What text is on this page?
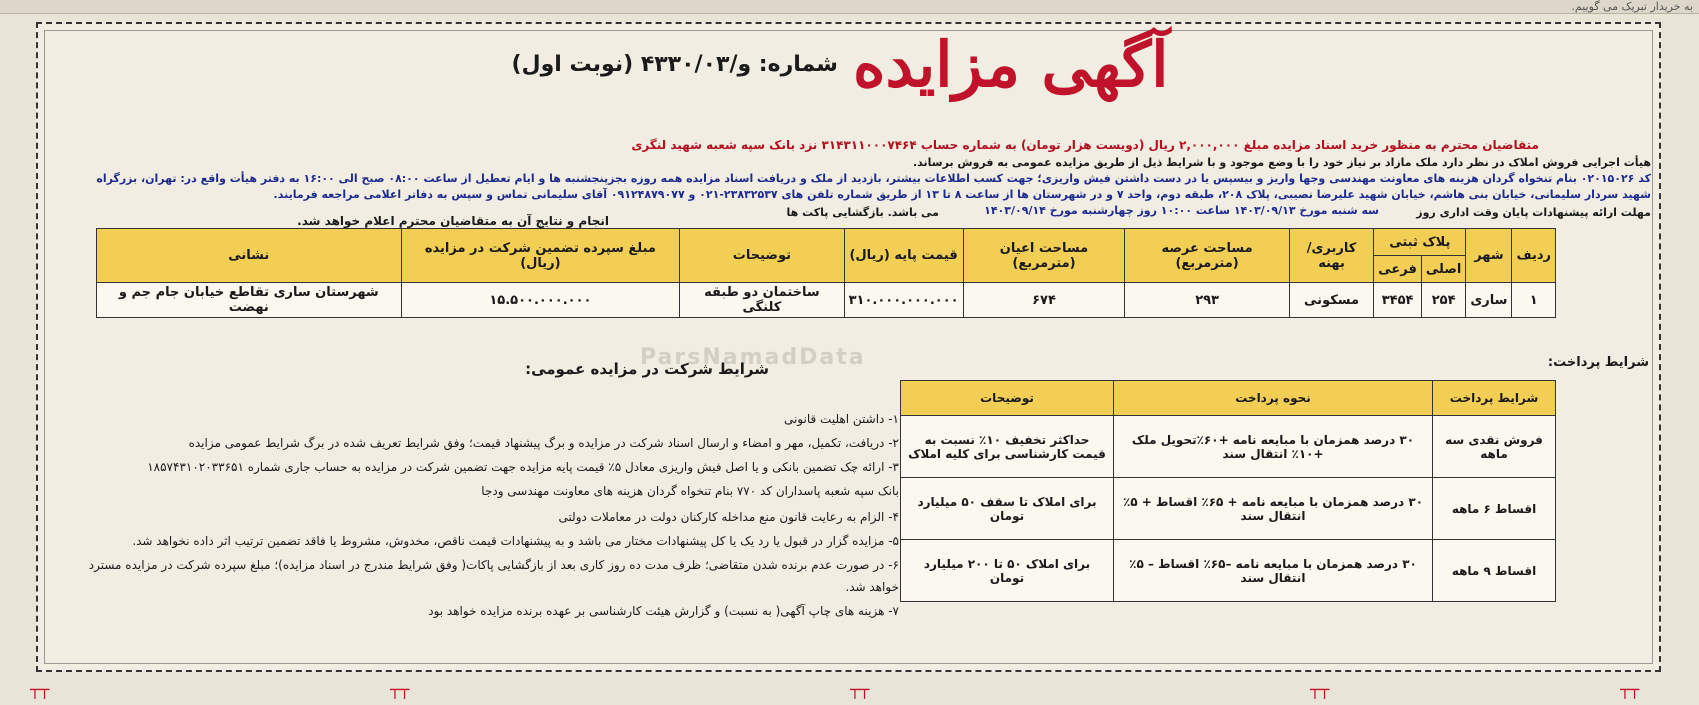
به خریدار تبریک می گوییم.
آگهی مزایده شماره: و/۴۳۳۰/۰۳ (نوبت اول)
متقاضیان محترم به منظور خرید اسناد مزایده مبلغ ۲,۰۰۰,۰۰۰ ریال (دویست هزار تومان) به شماره حساب ۳۱۴۳۱۱۰۰۰۷۴۶۴ نزد بانک سپه شعبه شهید لنگری
هیأت اجرایی فروش املاک در نظر دارد ملک مازاد بر نیاز خود را با وضع موجود و با شرایط ذیل از طریق مزایده عمومی به فروش برساند.
کد ۰۲۰۱۵۰۲۶ بنام تنخواه گردان هزینه های معاونت مهندسی وجها واریز و بیسپس یا در دست داشتن فیش واریزی؛ جهت کسب اطلاعات بیشتر، بازدید از ملک و دریافت اسناد مزایده همه روزه بجزپنجشنبه ها و ایام تعطیل از ساعت ۰۸:۰۰ صبح الی ۱۶:۰۰ به دفتر هیأت واقع در: تهران، بزرگراه
شهید سردار سلیمانی، خیابان بنی هاشم، خیابان شهید علیرضا نصیبی، پلاک ۲۰۸، طبقه دوم، واحد ۷ و در شهرستان ها از ساعت ۸ تا ۱۳ از طریق شماره تلفن های ۲۳۸۳۲۵۳۷-۰۲۱ و ۰۹۱۲۴۸۷۹۰۷۷ آقای سلیمانی تماس و سپس به دفاتر اعلامی مراجعه فرمایند.
سه شنبه مورخ ۱۴۰۳/۰۹/۱۳ ساعت ۱۰:۰۰ روز چهارشنبه مورخ ۱۴۰۳/۰۹/۱۴	مهلت ارائه پیشنهادات پایان وقت اداری روز
می باشد. بازگشایی پاکت ها
انجام و نتایج آن به متقاضیان محترم اعلام خواهد شد.
ردیف	شهر	پلاک ثبتی		کاربری/بهنه	مساحت عرصه (مترمربع)	مساحت اعیان (مترمربع)	قیمت پایه (ریال)	توضیحات	مبلغ سپرده تضمین شرکت در مزایده (ریال)	نشانی
		اصلی	فرعی							
۱	ساری	۲۵۴	۳۴۵۴	مسکونی	۲۹۳	۶۷۴	۳۱۰.۰۰۰.۰۰۰.۰۰۰	ساختمان دو طبقه کلنگی	۱۵.۵۰۰.۰۰۰.۰۰۰	شهرستان ساری تقاطع خیابان جام جم و نهضت
ParsNamadData	شرایط پرداخت:
شرایط پرداخت	نحوه پرداخت	توضیحات
فروش نقدی سه ماهه	۳۰ درصد همزمان با مبایعه نامه +۶۰٪تحویل ملک +۱۰٪ انتقال سند	حداکثر تخفیف ۱۰٪ نسبت به قیمت کارشناسی برای کلیه املاک
اقساط ۶ ماهه	۳۰ درصد همزمان با مبایعه نامه + ۶۵٪ اقساط + ۵٪ انتقال سند	برای املاک تا سقف ۵۰ میلیارد تومان
اقساط ۹ ماهه	۳۰ درصد همزمان با مبایعه نامه –۶۵٪ اقساط – ۵٪ انتقال سند	برای املاک ۵۰ تا ۲۰۰ میلیارد تومان
شرایط شرکت در مزایده عمومی:
۱- داشتن اهلیت قانونی
۲- دریافت، تکمیل، مهر و امضاء و ارسال اسناد شرکت در مزایده و برگ پیشنهاد قیمت؛ وفق شرایط تعریف شده در برگ شرایط عمومی مزایده
۳- ارائه چک تضمین بانکی و یا اصل فیش واریزی معادل ۵٪ قیمت پایه مزایده جهت تضمین شرکت در مزایده به حساب جاری شماره ۱۸۵۷۴۳۱۰۲۰۳۳۶۵۱
بانک سپه شعبه پاسداران کد ۷۷۰ بنام تنخواه گردان هزینه های معاونت مهندسی ودجا
۴- الزام به رعایت قانون منع مداخله کارکنان دولت در معاملات دولتی
۵- مزایده گزار در قبول یا رد یک یا کل پیشنهادات مختار می باشد و به پیشنهادات قیمت ناقص، مخدوش، مشروط یا فاقد تضمین ترتیب اثر داده نخواهد شد.
۶- در صورت عدم برنده شدن متقاضی؛ ظرف مدت ده روز کاری بعد از بازگشایی پاکات( وفق شرایط مندرج در اسناد مزایده)؛ مبلغ سپرده شرکت در مزایده مسترد
خواهد شد.
۷- هزینه های چاپ آگهی( به نسبت) و گزارش هیئت کارشناسی بر عهده برنده مزایده خواهد بود
┬┬	┬┬	┬┬	┬┬	┬┬
